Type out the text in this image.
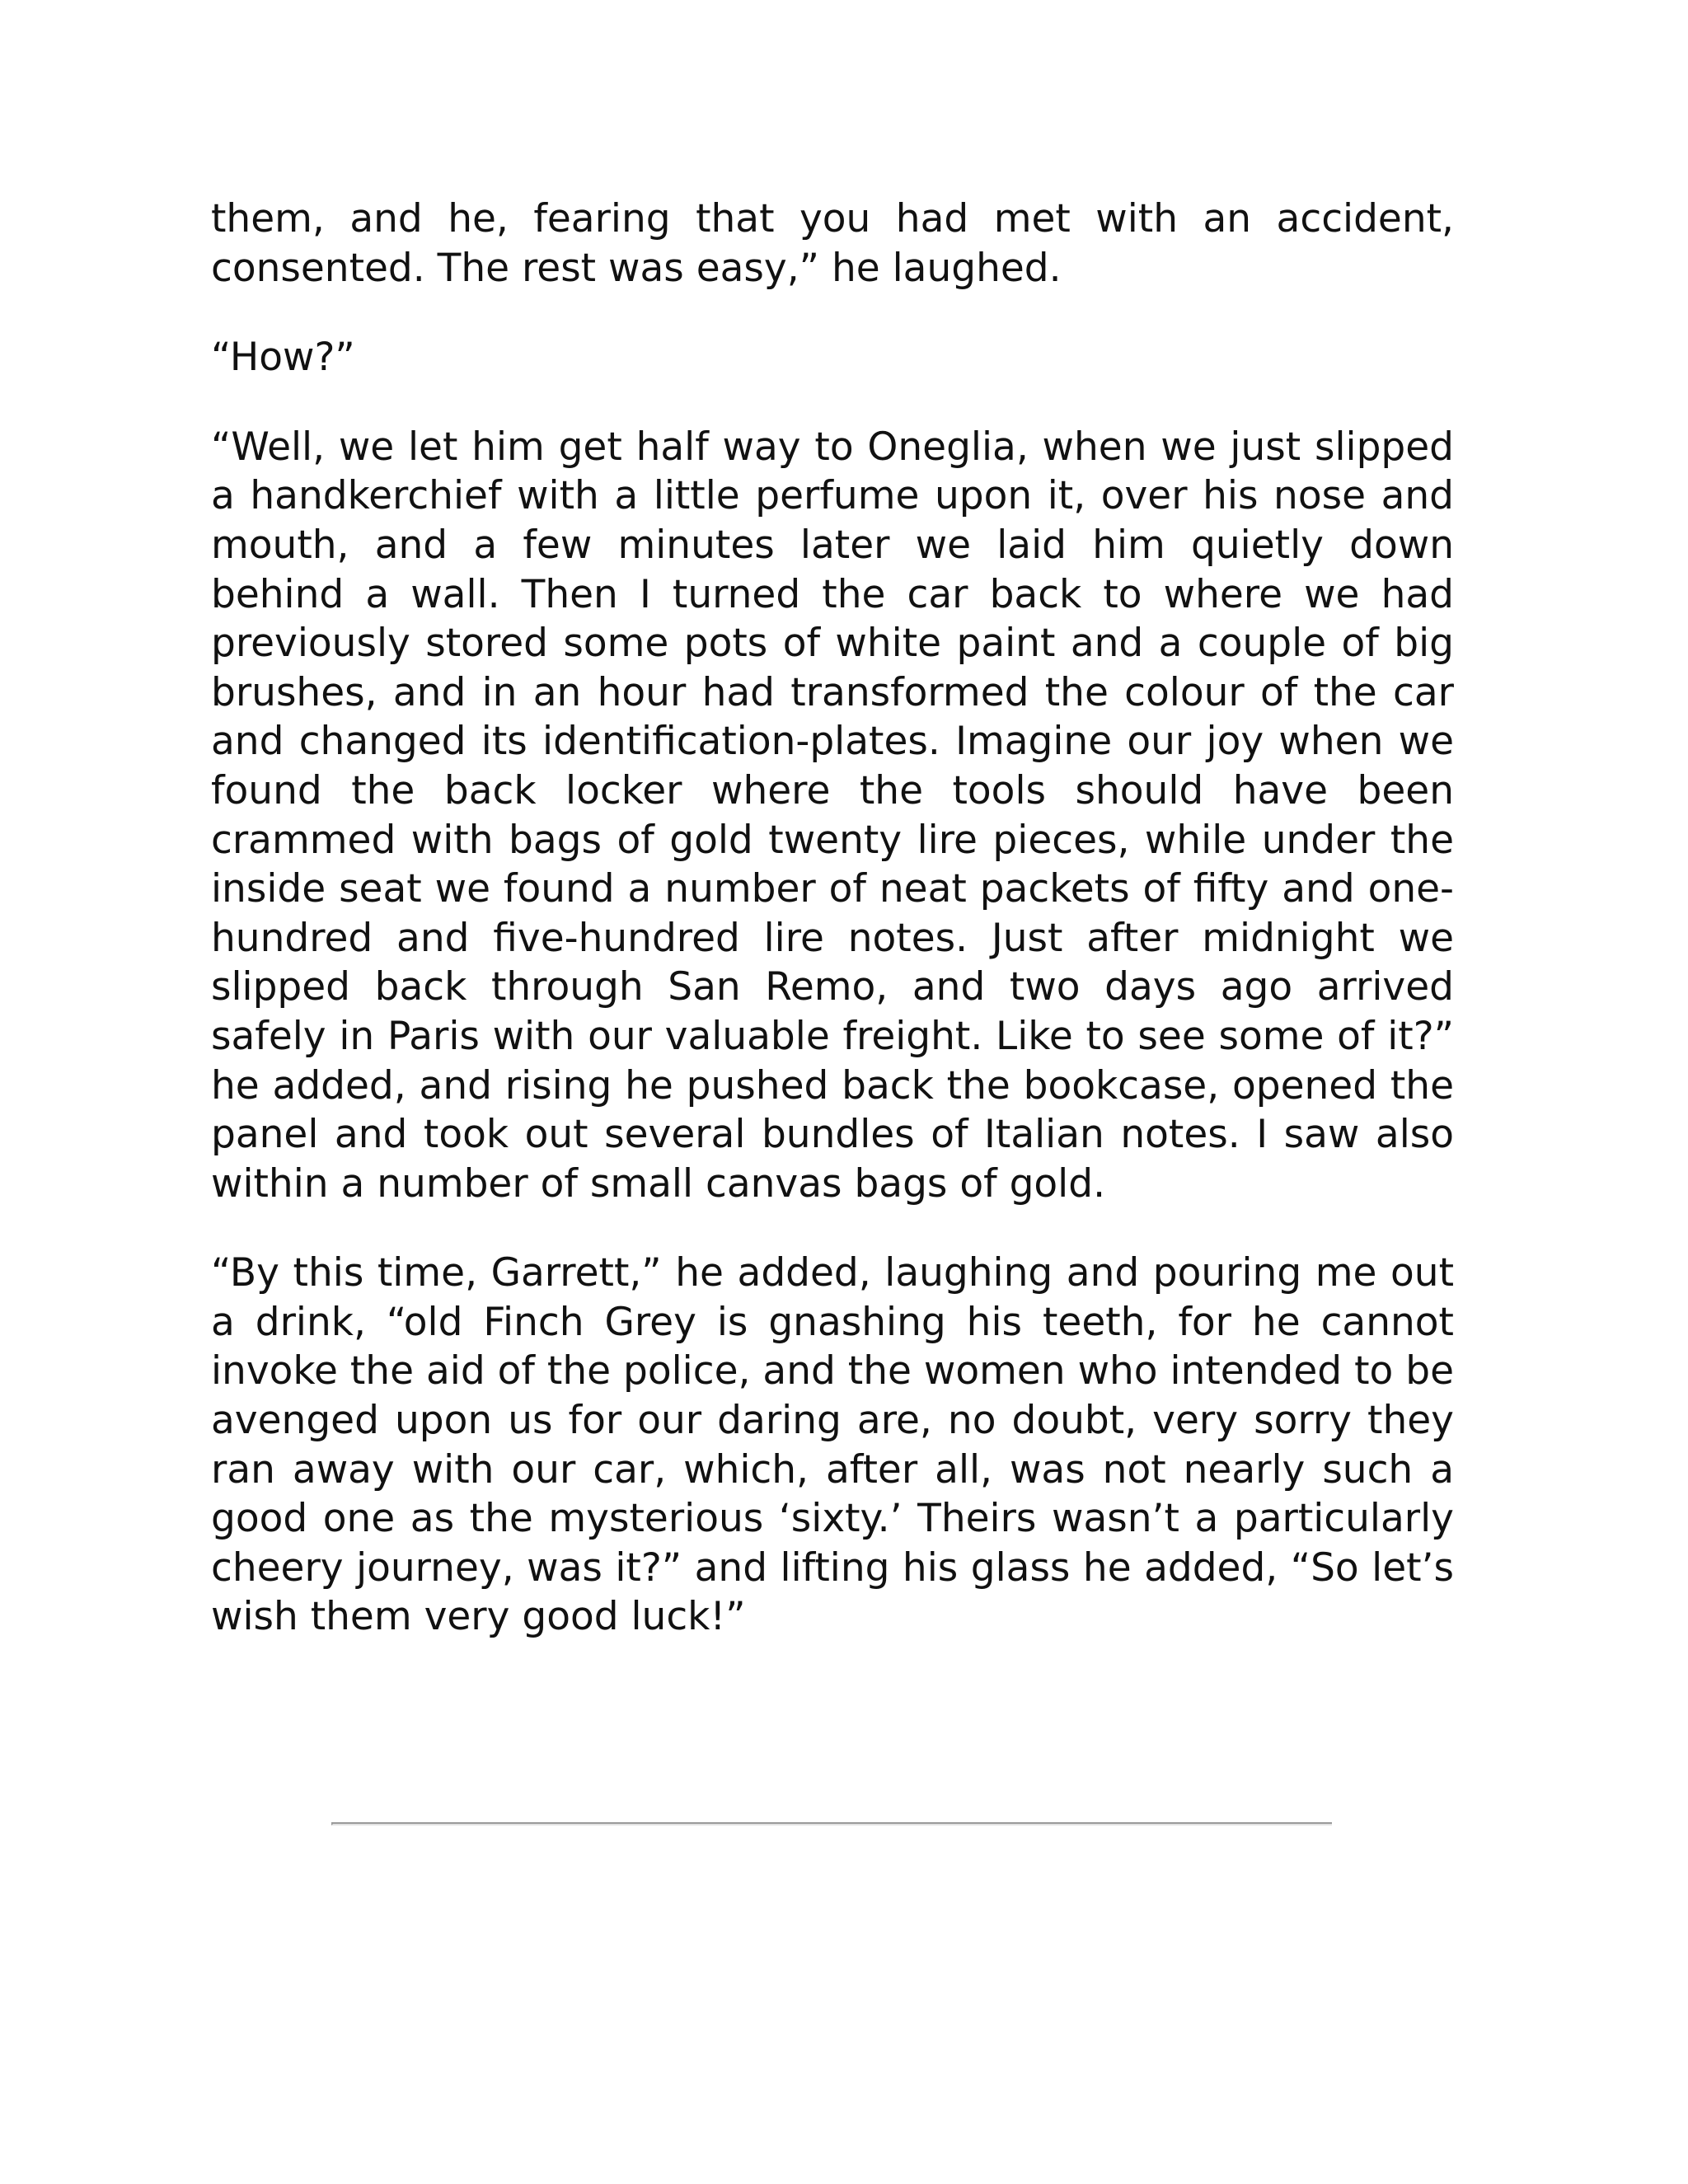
them, and he, fearing that you had met with an accident, consented. The rest was easy,” he laughed.

“How?”

“Well, we let him get half way to Oneglia, when we just slipped a handkerchief with a little perfume upon it, over his nose and mouth, and a few minutes later we laid him quietly down behind a wall. Then I turned the car back to where we had previously stored some pots of white paint and a couple of big brushes, and in an hour had transformed the colour of the car and changed its identification-plates. Imagine our joy when we found the back locker where the tools should have been crammed with bags of gold twenty lire pieces, while under the inside seat we found a number of neat packets of fifty and one-hundred and five-hundred lire notes. Just after midnight we slipped back through San Remo, and two days ago arrived safely in Paris with our valuable freight. Like to see some of it?” he added, and rising he pushed back the bookcase, opened the panel and took out several bundles of Italian notes. I saw also within a number of small canvas bags of gold.

“By this time, Garrett,” he added, laughing and pouring me out a drink, “old Finch Grey is gnashing his teeth, for he cannot invoke the aid of the police, and the women who intended to be avenged upon us for our daring are, no doubt, very sorry they ran away with our car, which, after all, was not nearly such a good one as the mysterious ‘sixty.’ Theirs wasn’t a particularly cheery journey, was it?” and lifting his glass he added, “So let’s wish them very good luck!”
